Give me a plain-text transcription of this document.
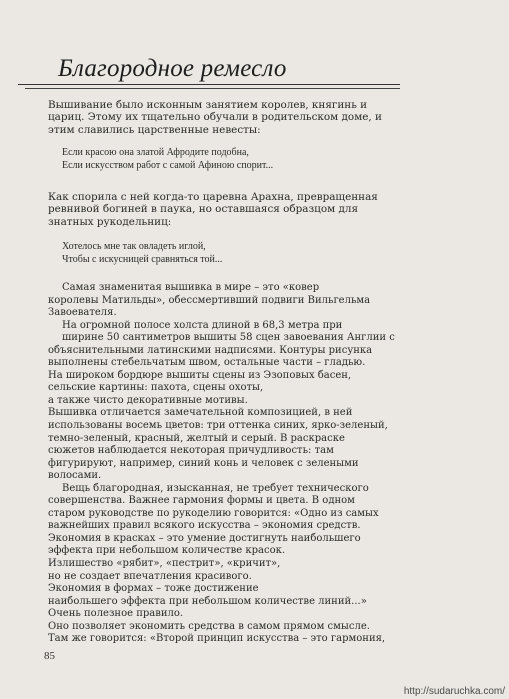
Благородное ремесло
Вышивание было исконным занятием королев, княгинь и
цариц. Этому их тщательно обучали в родительском доме, и
этим славились царственные невесты:
Если красою она златой Афродите подобна,
Если искусством работ с самой Афиною спорит...
Как спорила с ней когда-то царевна Арахна, превращенная
ревнивой богиней в паука, но оставшаяся образцом для
знатных рукодельниц:
Хотелось мне так овладеть иглой,
Чтобы с искусницей сравняться той...
Самая знаменитая вышивка в мире – это «ковер
королевы Матильды», обессмертивший подвиги Вильгельма
Завоевателя.
На огромной полосе холста длиной в 68,3 метра при
ширине 50 сантиметров вышиты 58 сцен завоевания Англии с
объяснительными латинскими надписями. Контуры рисунка
выполнены стебельчатым швом, остальные части – гладью.
На широком бордюре вышиты сцены из Эзоповых басен,
сельские картины: пахота, сцены охоты,
а также чисто декоративные мотивы.
Вышивка отличается замечательной композицией, в ней
использованы восемь цветов: три оттенка синих, ярко-зеленый,
темно-зеленый, красный, желтый и серый. В раскраске
сюжетов наблюдается некоторая причудливость: там
фигурируют, например, синий конь и человек с зелеными
волосами.
Вещь благородная, изысканная, не требует технического
совершенства. Важнее гармония формы и цвета. В одном
старом руководстве по рукоделию говорится: «Одно из самых
важнейших правил всякого искусства – экономия средств.
Экономия в красках – это умение достигнуть наибольшего
эффекта при небольшом количестве красок.
Излишество «рябит», «пестрит», «кричит»,
но не создает впечатления красивого.
Экономия в формах – тоже достижение
наибольшего эффекта при небольшом количестве линий...»
Очень полезное правило.
Оно позволяет экономить средства в самом прямом смысле.
Там же говорится: «Второй принцип искусства – это гармония,
85
http://sudaruchka.com/
